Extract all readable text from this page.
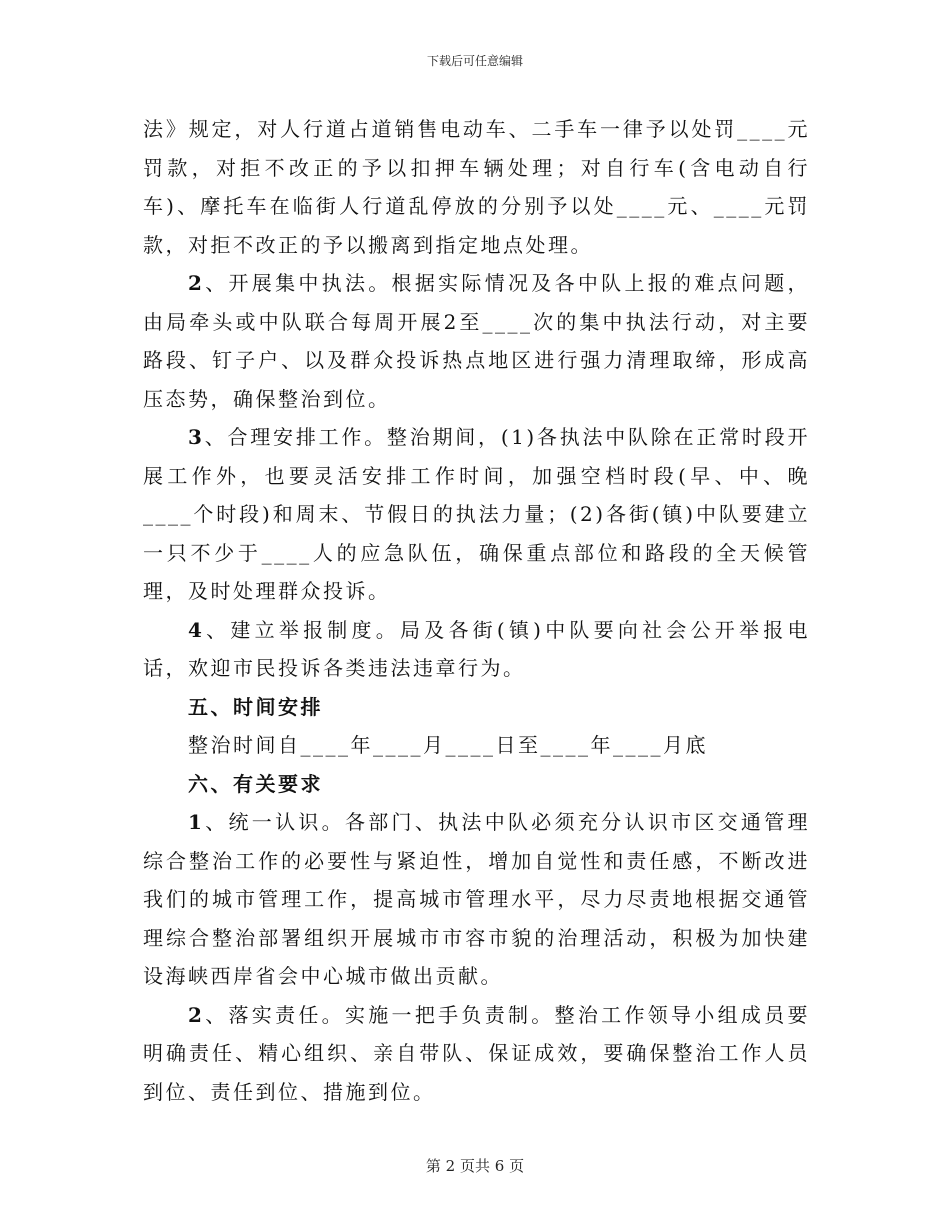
下载后可任意编辑

法》规定，对人行道占道销售电动车、二手车一律予以处罚____元罚款，对拒不改正的予以扣押车辆处理；对自行车(含电动自行车)、摩托车在临街人行道乱停放的分别予以处____元、____元罚款，对拒不改正的予以搬离到指定地点处理。

2、开展集中执法。根据实际情况及各中队上报的难点问题，由局牵头或中队联合每周开展2至____次的集中执法行动，对主要路段、钉子户、以及群众投诉热点地区进行强力清理取缔，形成高压态势，确保整治到位。

3、合理安排工作。整治期间，(1)各执法中队除在正常时段开展工作外，也要灵活安排工作时间，加强空档时段(早、中、晚____个时段)和周末、节假日的执法力量；(2)各街(镇)中队要建立一只不少于____人的应急队伍，确保重点部位和路段的全天候管理，及时处理群众投诉。

4、建立举报制度。局及各街(镇)中队要向社会公开举报电话，欢迎市民投诉各类违法违章行为。

五、时间安排

整治时间自____年____月____日至____年____月底

六、有关要求

1、统一认识。各部门、执法中队必须充分认识市区交通管理综合整治工作的必要性与紧迫性，增加自觉性和责任感，不断改进我们的城市管理工作，提高城市管理水平，尽力尽责地根据交通管理综合整治部署组织开展城市市容市貌的治理活动，积极为加快建设海峡西岸省会中心城市做出贡献。

2、落实责任。实施一把手负责制。整治工作领导小组成员要明确责任、精心组织、亲自带队、保证成效，要确保整治工作人员到位、责任到位、措施到位。

第 2 页共 6 页
